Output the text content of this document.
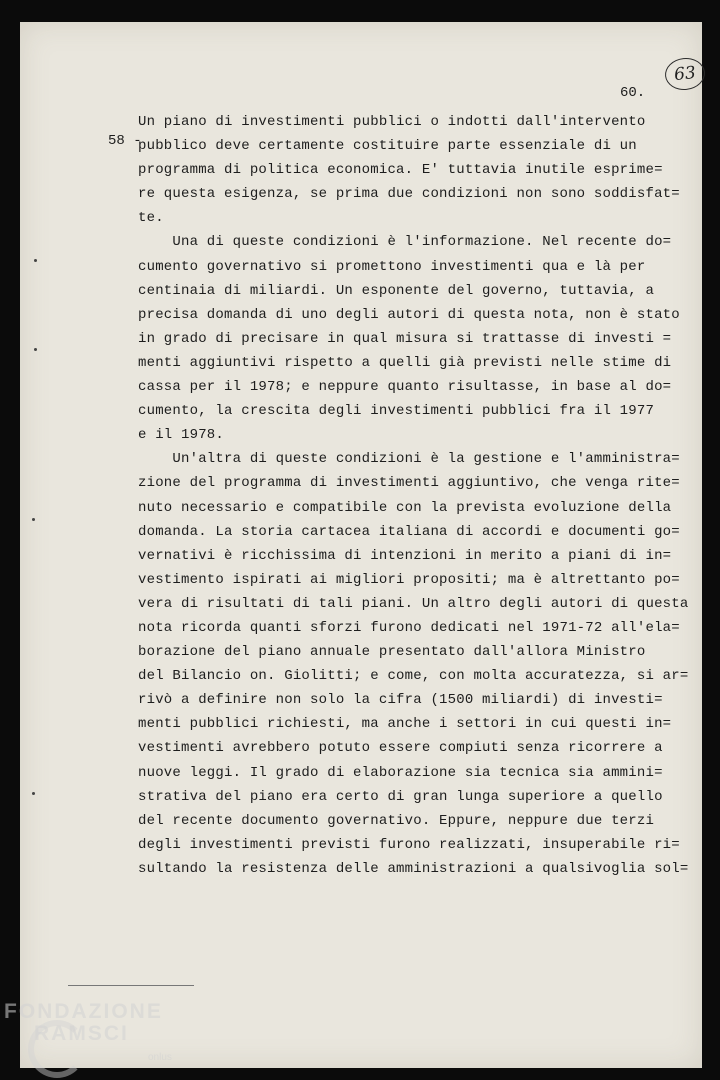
63
60.
58 -
Un piano di investimenti pubblici o indotti dall'intervento
pubblico deve certamente costituire parte essenziale di un
programma di politica economica. E' tuttavia inutile esprime=
re questa esigenza, se prima due condizioni non sono soddisfat=
te.
Una di queste condizioni è l'informazione. Nel recente do=
cumento governativo si promettono investimenti qua e là per
centinaia di miliardi. Un esponente del governo, tuttavia, a
precisa domanda di uno degli autori di questa nota, non è stato
in grado di precisare in qual misura si trattasse di investi =
menti aggiuntivi rispetto a quelli già previsti nelle stime di
cassa per il 1978; e neppure quanto risultasse, in base al do=
cumento, la crescita degli investimenti pubblici fra il 1977
e il 1978.
Un'altra di queste condizioni è la gestione e l'amministra=
zione del programma di investimenti aggiuntivo, che venga rite=
nuto necessario e compatibile con la prevista evoluzione della
domanda. La storia cartacea italiana di accordi e documenti go=
vernativi è ricchissima di intenzioni in merito a piani di in=
vestimento ispirati ai migliori propositi; ma è altrettanto po=
vera di risultati di tali piani. Un altro degli autori di questa
nota ricorda quanti sforzi furono dedicati nel 1971-72 all'ela=
borazione del piano annuale presentato dall'allora Ministro
del Bilancio on. Giolitti; e come, con molta accuratezza, si ar=
rivò a definire non solo la cifra (1500 miliardi) di investi=
menti pubblici richiesti, ma anche i settori in cui questi in=
vestimenti avrebbero potuto essere compiuti senza ricorrere a
nuove leggi. Il grado di elaborazione sia tecnica sia ammini=
strativa del piano era certo di gran lunga superiore a quello
del recente documento governativo. Eppure, neppure due terzi
degli investimenti previsti furono realizzati, insuperabile ri=
sultando la resistenza delle amministrazioni a qualsivoglia sol=
FONDAZIONE
RAMSCI
onlus
